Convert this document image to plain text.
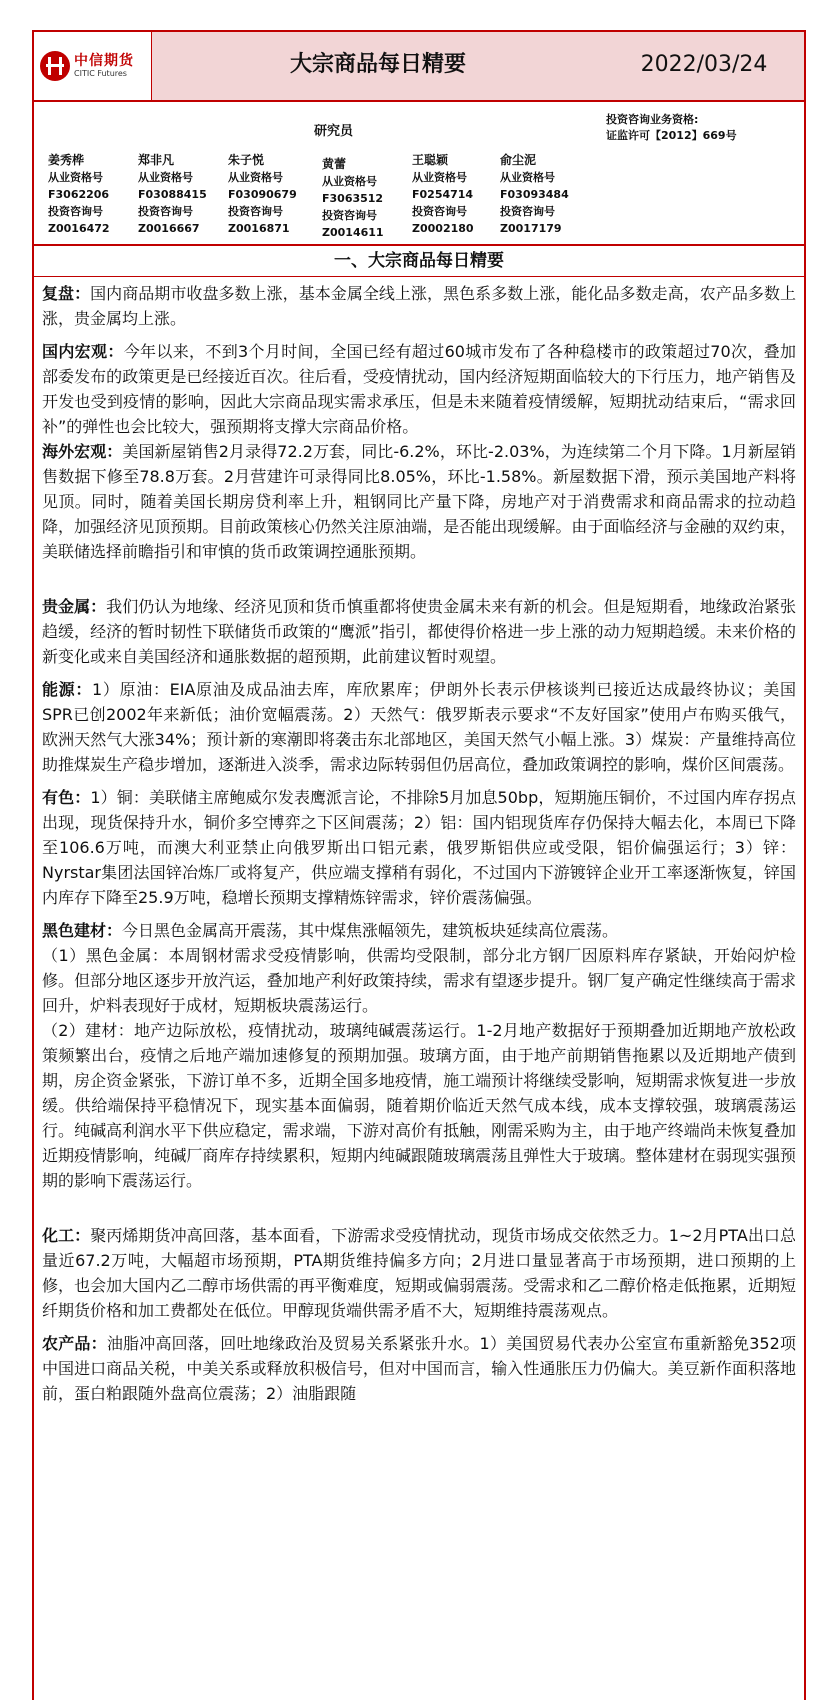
中信期货
CITIC Futures	大宗商品每日精要	2022/03/24
研究员
投资咨询业务资格:
证监许可【2012】669号
姜秀桦
从业资格号
F3062206
投资咨询号
Z0016472
郑非凡
从业资格号
F03088415
投资咨询号
Z0016667
朱子悦
从业资格号
F03090679
投资咨询号
Z0016871
黄蕾
从业资格号
F3063512
投资咨询号
Z0014611
王聪颖
从业资格号
F0254714
投资咨询号
Z0002180
俞尘泥
从业资格号
F03093484
投资咨询号
Z0017179
一、大宗商品每日精要

复盘：国内商品期市收盘多数上涨，基本金属全线上涨，黑色系多数上涨，能化品多数走高，农产品多数上涨，贵金属均上涨。

国内宏观：今年以来，不到3个月时间，全国已经有超过60城市发布了各种稳楼市的政策超过70次，叠加部委发布的政策更是已经接近百次。往后看，受疫情扰动，国内经济短期面临较大的下行压力，地产销售及开发也受到疫情的影响，因此大宗商品现实需求承压，但是未来随着疫情缓解，短期扰动结束后，“需求回补”的弹性也会比较大，强预期将支撑大宗商品价格。

海外宏观：美国新屋销售2月录得72.2万套，同比-6.2%，环比-2.03%，为连续第二个月下降。1月新屋销售数据下修至78.8万套。2月营建许可录得同比8.05%，环比-1.58%。新屋数据下滑，预示美国地产料将见顶。同时，随着美国长期房贷利率上升，粗钢同比产量下降，房地产对于消费需求和商品需求的拉动趋降，加强经济见顶预期。目前政策核心仍然关注原油端，是否能出现缓解。由于面临经济与金融的双约束，美联储选择前瞻指引和审慎的货币政策调控通胀预期。

贵金属：我们仍认为地缘、经济见顶和货币慎重都将使贵金属未来有新的机会。但是短期看，地缘政治紧张趋缓，经济的暂时韧性下联储货币政策的“鹰派”指引，都使得价格进一步上涨的动力短期趋缓。未来价格的新变化或来自美国经济和通胀数据的超预期，此前建议暂时观望。

能源：1）原油：EIA原油及成品油去库，库欣累库；伊朗外长表示伊核谈判已接近达成最终协议；美国SPR已创2002年来新低；油价宽幅震荡。2）天然气：俄罗斯表示要求“不友好国家”使用卢布购买俄气，欧洲天然气大涨34%；预计新的寒潮即将袭击东北部地区，美国天然气小幅上涨。3）煤炭：产量维持高位助推煤炭生产稳步增加，逐渐进入淡季，需求边际转弱但仍居高位，叠加政策调控的影响，煤价区间震荡。

有色：1）铜：美联储主席鲍威尔发表鹰派言论，不排除5月加息50bp，短期施压铜价，不过国内库存拐点出现，现货保持升水，铜价多空博弈之下区间震荡；2）铝：国内铝现货库存仍保持大幅去化，本周已下降至106.6万吨，而澳大利亚禁止向俄罗斯出口铝元素，俄罗斯铝供应或受限，铝价偏强运行；3）锌：Nyrstar集团法国锌冶炼厂或将复产，供应端支撑稍有弱化，不过国内下游镀锌企业开工率逐渐恢复，锌国内库存下降至25.9万吨，稳增长预期支撑精炼锌需求，锌价震荡偏强。

黑色建材：今日黑色金属高开震荡，其中煤焦涨幅领先，建筑板块延续高位震荡。

（1）黑色金属：本周钢材需求受疫情影响，供需均受限制，部分北方钢厂因原料库存紧缺，开始闷炉检修。但部分地区逐步开放汽运，叠加地产利好政策持续，需求有望逐步提升。钢厂复产确定性继续高于需求回升，炉料表现好于成材，短期板块震荡运行。

（2）建材：地产边际放松，疫情扰动，玻璃纯碱震荡运行。1-2月地产数据好于预期叠加近期地产放松政策频繁出台，疫情之后地产端加速修复的预期加强。玻璃方面，由于地产前期销售拖累以及近期地产债到期，房企资金紧张，下游订单不多，近期全国多地疫情，施工端预计将继续受影响，短期需求恢复进一步放缓。供给端保持平稳情况下，现实基本面偏弱，随着期价临近天然气成本线，成本支撑较强，玻璃震荡运行。纯碱高利润水平下供应稳定，需求端，下游对高价有抵触，刚需采购为主，由于地产终端尚未恢复叠加近期疫情影响，纯碱厂商库存持续累积，短期内纯碱跟随玻璃震荡且弹性大于玻璃。整体建材在弱现实强预期的影响下震荡运行。

化工：聚丙烯期货冲高回落，基本面看，下游需求受疫情扰动，现货市场成交依然乏力。1~2月PTA出口总量近67.2万吨，大幅超市场预期，PTA期货维持偏多方向；2月进口量显著高于市场预期，进口预期的上修，也会加大国内乙二醇市场供需的再平衡难度，短期或偏弱震荡。受需求和乙二醇价格走低拖累，近期短纤期货价格和加工费都处在低位。甲醇现货端供需矛盾不大，短期维持震荡观点。

农产品：油脂冲高回落，回吐地缘政治及贸易关系紧张升水。1）美国贸易代表办公室宣布重新豁免352项中国进口商品关税，中美关系或释放积极信号，但对中国而言，输入性通胀压力仍偏大。美豆新作面积落地前，蛋白粕跟随外盘高位震荡；2）油脂跟随
